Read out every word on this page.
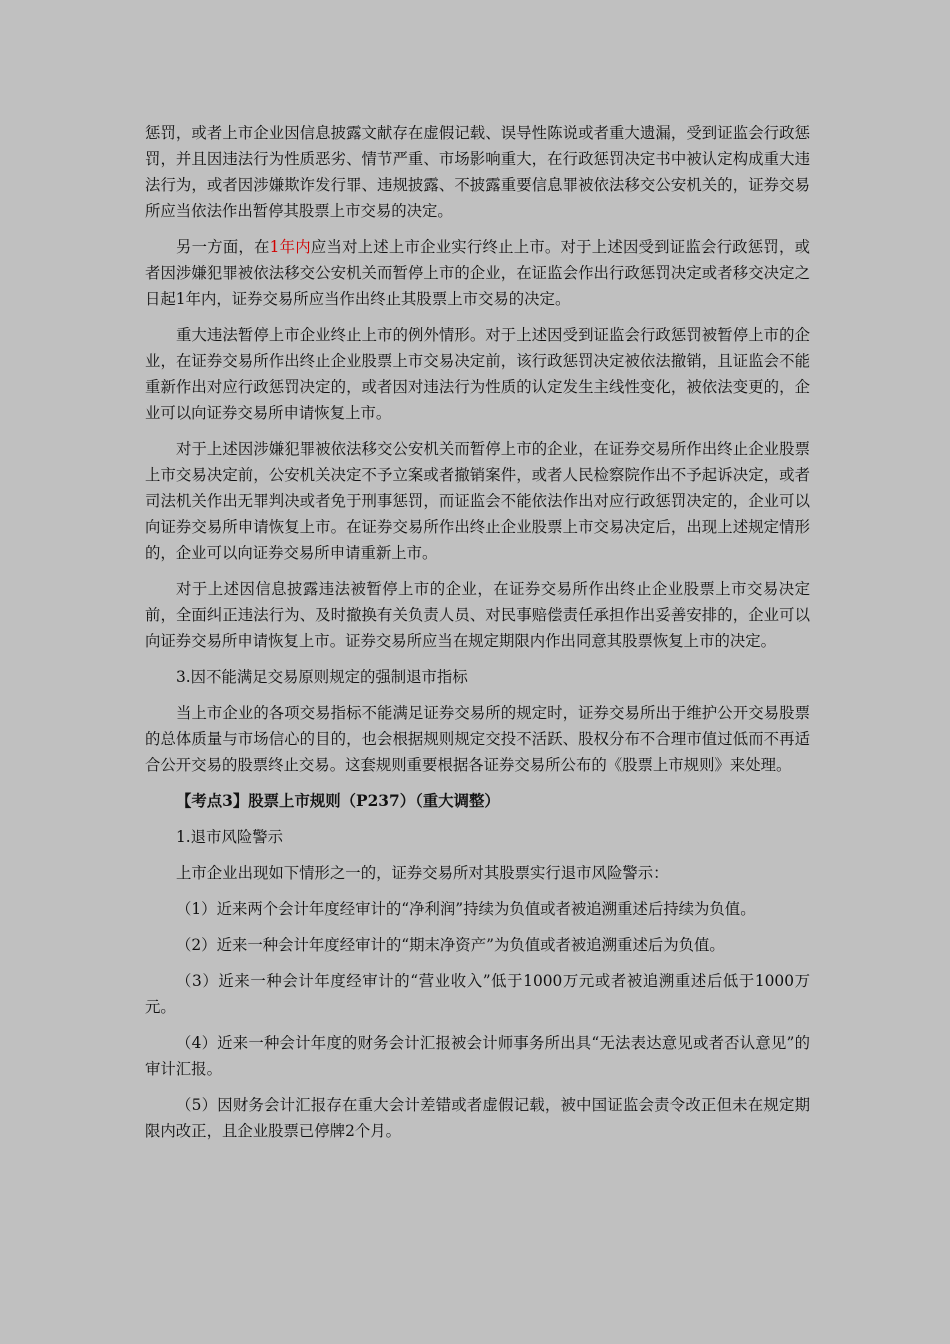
惩罚，或者上市企业因信息披露文献存在虚假记载、误导性陈说或者重大遗漏，受到证监会行政惩罚，并且因违法行为性质恶劣、情节严重、市场影响重大，在行政惩罚决定书中被认定构成重大违法行为，或者因涉嫌欺诈发行罪、违规披露、不披露重要信息罪被依法移交公安机关的，证券交易所应当依法作出暂停其股票上市交易的决定。

另一方面，在1年内应当对上述上市企业实行终止上市。对于上述因受到证监会行政惩罚，或者因涉嫌犯罪被依法移交公安机关而暂停上市的企业，在证监会作出行政惩罚决定或者移交决定之日起1年内，证券交易所应当作出终止其股票上市交易的决定。

重大违法暂停上市企业终止上市的例外情形。对于上述因受到证监会行政惩罚被暂停上市的企业，在证券交易所作出终止企业股票上市交易决定前，该行政惩罚决定被依法撤销，且证监会不能重新作出对应行政惩罚决定的，或者因对违法行为性质的认定发生主线性变化，被依法变更的，企业可以向证券交易所申请恢复上市。

对于上述因涉嫌犯罪被依法移交公安机关而暂停上市的企业，在证券交易所作出终止企业股票上市交易决定前，公安机关决定不予立案或者撤销案件，或者人民检察院作出不予起诉决定，或者司法机关作出无罪判决或者免于刑事惩罚，而证监会不能依法作出对应行政惩罚决定的，企业可以向证券交易所申请恢复上市。在证券交易所作出终止企业股票上市交易决定后，出现上述规定情形的，企业可以向证券交易所申请重新上市。

对于上述因信息披露违法被暂停上市的企业，在证券交易所作出终止企业股票上市交易决定前，全面纠正违法行为、及时撤换有关负责人员、对民事赔偿责任承担作出妥善安排的，企业可以向证券交易所申请恢复上市。证券交易所应当在规定期限内作出同意其股票恢复上市的决定。

3.因不能满足交易原则规定的强制退市指标

当上市企业的各项交易指标不能满足证券交易所的规定时，证券交易所出于维护公开交易股票的总体质量与市场信心的目的，也会根据规则规定交投不活跃、股权分布不合理市值过低而不再适合公开交易的股票终止交易。这套规则重要根据各证券交易所公布的《股票上市规则》来处理。

【考点3】股票上市规则（P237）（重大调整）

1.退市风险警示

上市企业出现如下情形之一的，证券交易所对其股票实行退市风险警示：

（1）近来两个会计年度经审计的“净利润”持续为负值或者被追溯重述后持续为负值。

（2）近来一种会计年度经审计的“期末净资产”为负值或者被追溯重述后为负值。

（3）近来一种会计年度经审计的“营业收入”低于1000万元或者被追溯重述后低于1000万元。

（4）近来一种会计年度的财务会计汇报被会计师事务所出具“无法表达意见或者否认意见”的审计汇报。

（5）因财务会计汇报存在重大会计差错或者虚假记载，被中国证监会责令改正但未在规定期限内改正，且企业股票已停牌2个月。
